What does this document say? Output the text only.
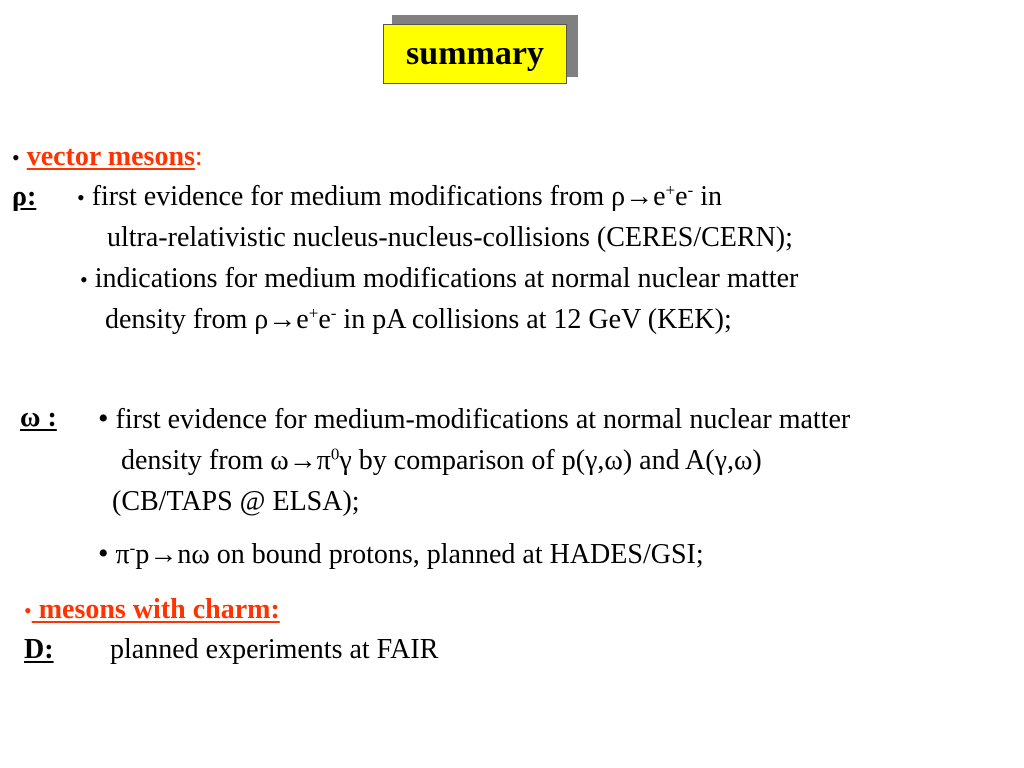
summary
• vector mesons:
ρ: • first evidence for medium modifications from ρ→e+e- in
ultra-relativistic nucleus-nucleus-collisions (CERES/CERN);
• indications for medium modifications at normal nuclear matter
density from ρ→e+e- in pA collisions at 12 GeV (KEK);
ω : • first evidence for medium-modifications at normal nuclear matter
density from $\omega\to\pi^0\gamma$ by comparison of p(γ,ω) and A(γ,ω)
(CB/TAPS @ ELSA);
• π-p→nω on bound protons, planned at HADES/GSI;
• mesons with charm:
D: planned experiments at FAIR
